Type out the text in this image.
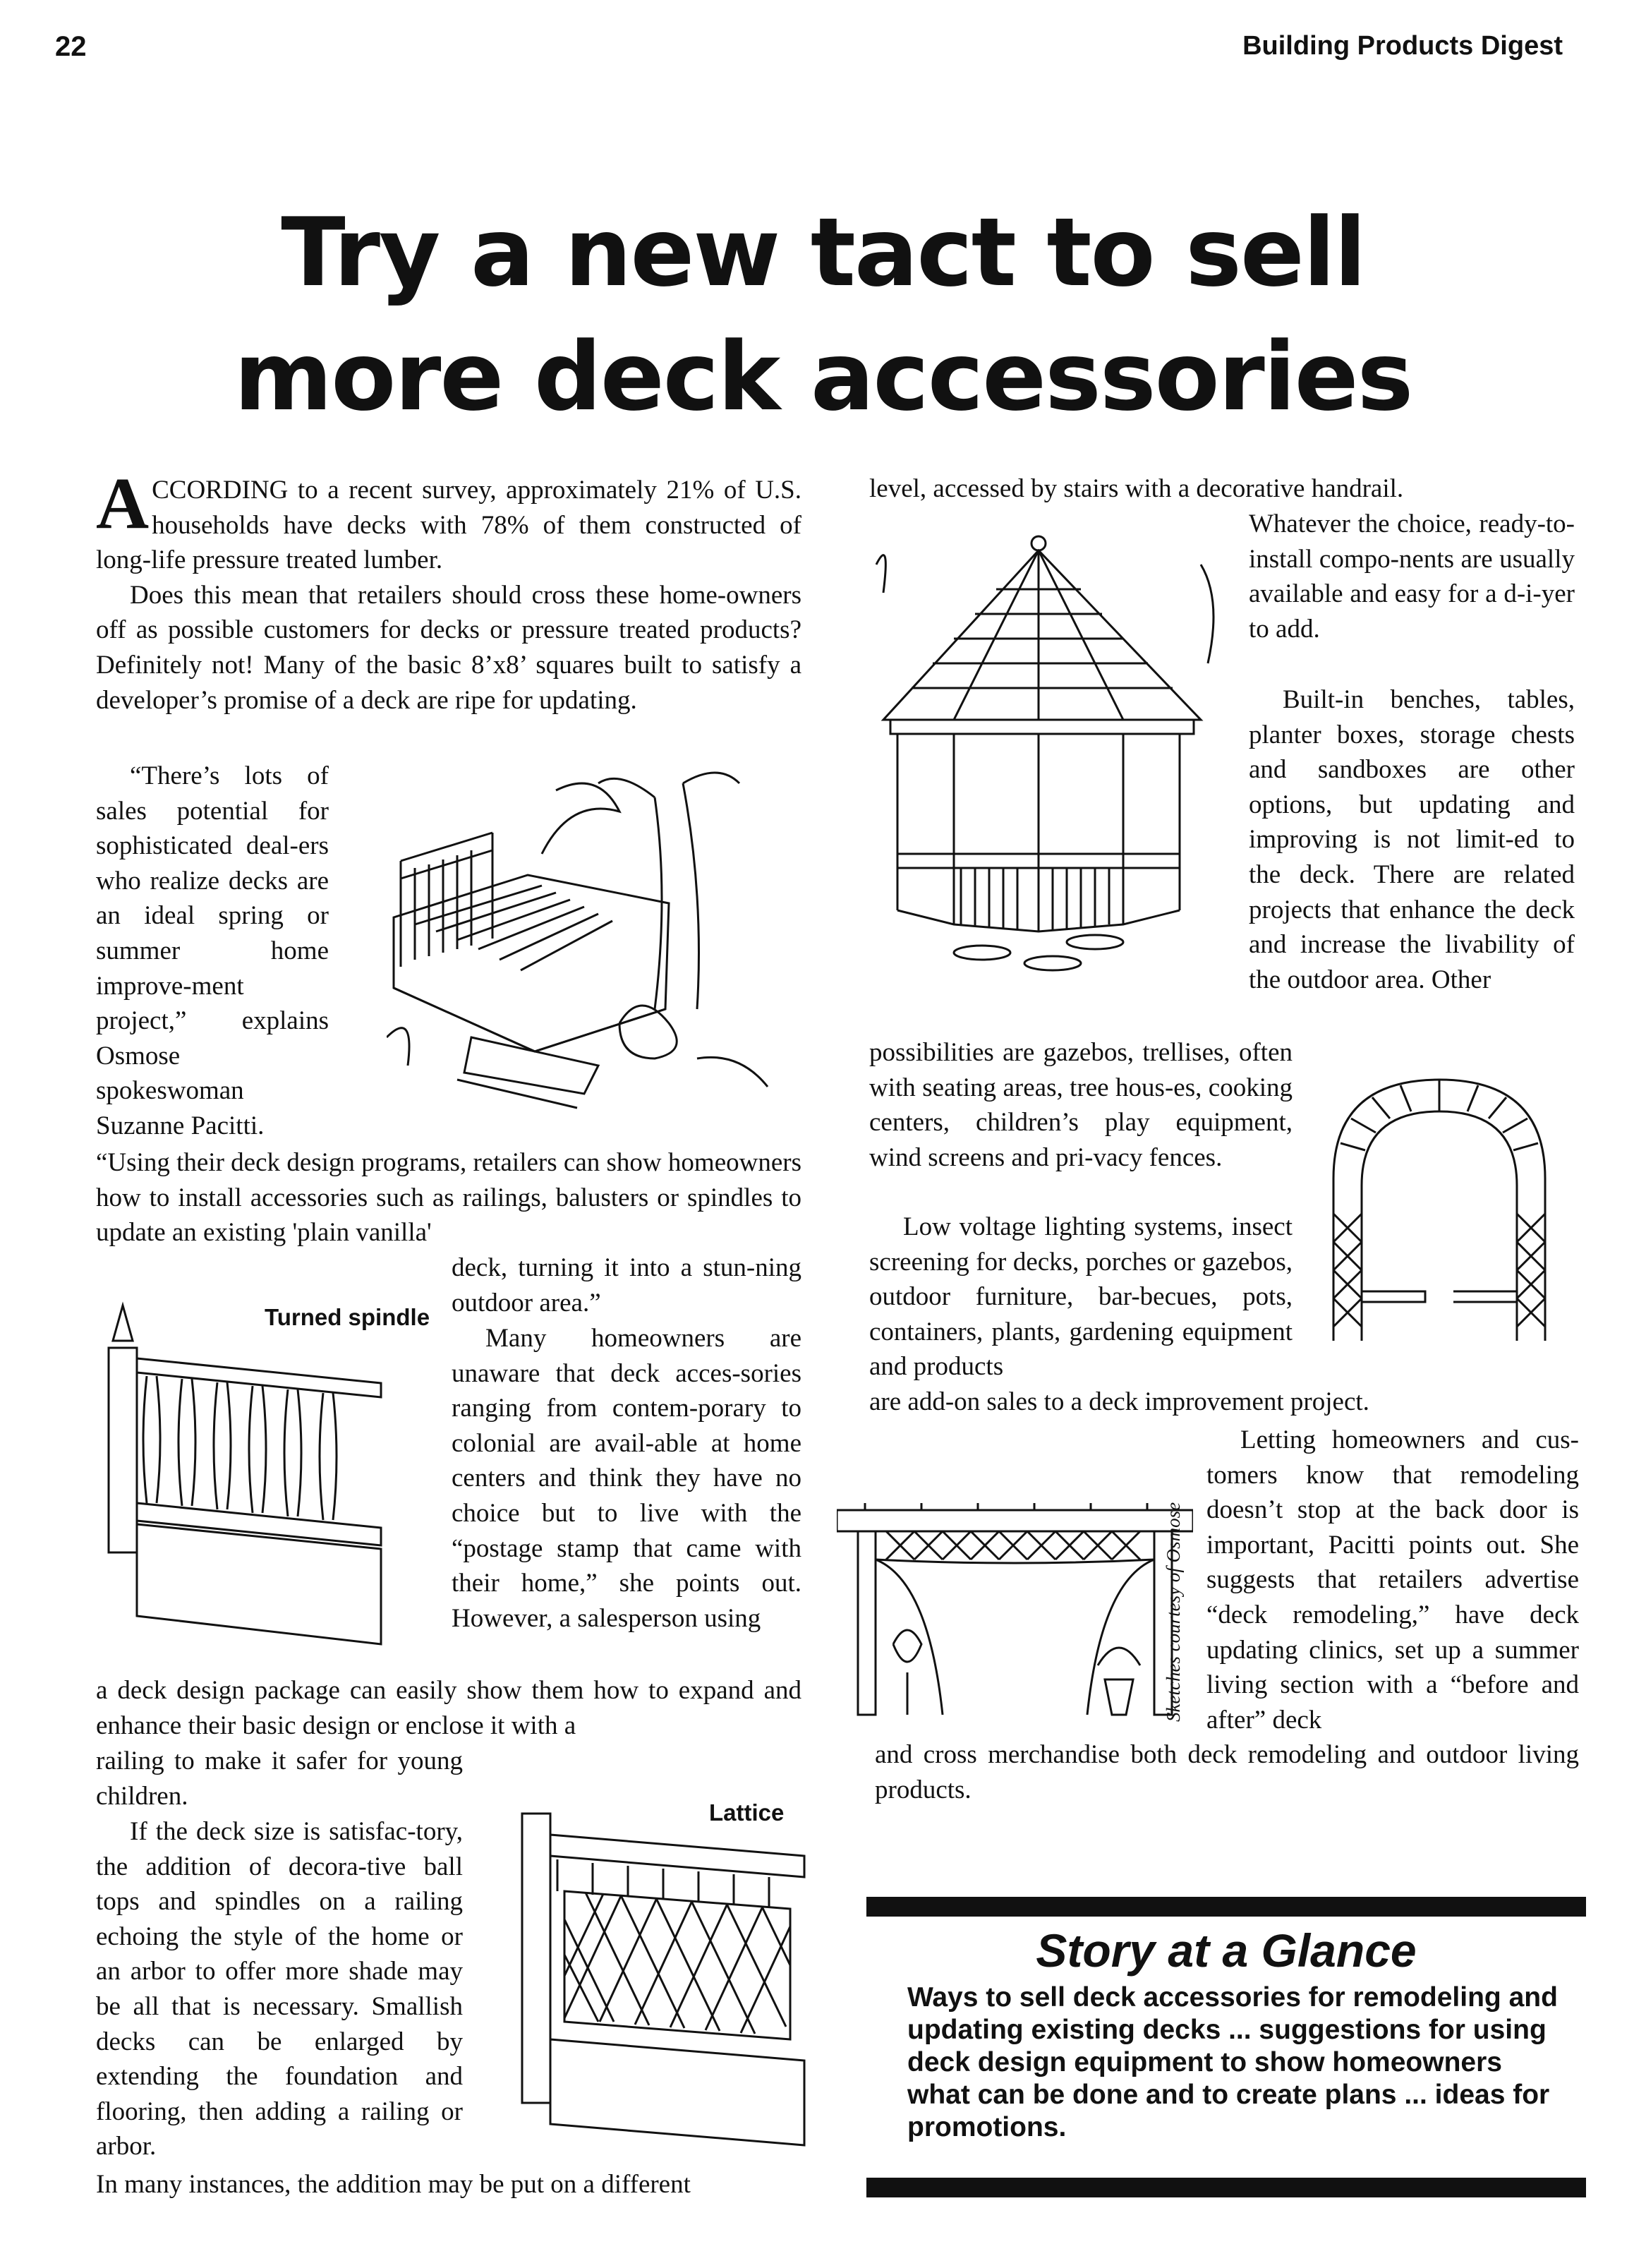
22	Building Products Digest
Try a new tact to sell
more deck accessories

ACCORDING to a recent survey, approximately 21% of U.S. households have decks with 78% of them constructed of long-life pressure treated lumber.

Does this mean that retailers should cross these home-owners off as possible customers for decks or pressure treated products? Definitely not! Many of the basic 8’x8’ squares built to satisfy a developer’s promise of a deck are ripe for updating.

“There’s lots of sales potential for sophisticated deal-ers who realize decks are an ideal spring or summer home improve-ment project,” explains Osmose spokeswoman Suzanne Pacitti.

“Using their deck design programs, retailers can show homeowners how to install accessories such as railings, balusters or spindles to update an existing 'plain vanilla'
deck, turning it into a stun-ning outdoor area.”

Many homeowners are unaware that deck acces-sories ranging from contem-porary to colonial are avail-able at home centers and think they have no choice but to live with the “postage stamp that came with their home,” she points out. However, a salesperson using

Turned spindle
a deck design package can easily show them how to expand and enhance their basic design or enclose it with a
railing to make it safer for young children.

If the deck size is satisfac-tory, the addition of decora-tive ball tops and spindles on a railing echoing the style of the home or an arbor to offer more shade may be all that is necessary. Smallish decks can be enlarged by extending the foundation and flooring, then adding a railing or arbor.

Lattice
In many instances, the addition may be put on a different
level, accessed by stairs with a decorative handrail.
Whatever the choice, ready-to-install compo-nents are usually available and easy for a d-i-yer to add.

Built-in benches, tables, planter boxes, storage chests and sandboxes are other options, but updating and improving is not limit-ed to the deck. There are related projects that enhance the deck and increase the livability of the outdoor area. Other

possibilities are gazebos, trellises, often with seating areas, tree hous-es, cooking centers, children’s play equipment, wind screens and pri-vacy fences.

Low voltage lighting systems, insect screening for decks, porches or gazebos, outdoor furniture, bar-becues, pots, containers, plants, gardening equipment and products

are add-on sales to a deck improvement project.
Sketches courtesy of Osmose

Letting homeowners and cus-tomers know that remodeling doesn’t stop at the back door is important, Pacitti points out. She suggests that retailers advertise “deck remodeling,” have deck updating clinics, set up a summer living section with a “before and after” deck

and cross merchandise both deck remodeling and outdoor living products.
Story at a Glance
Ways to sell deck accessories for remodeling and updating existing decks ... suggestions for using deck design equipment to show homeowners what can be done and to create plans ... ideas for promotions.
